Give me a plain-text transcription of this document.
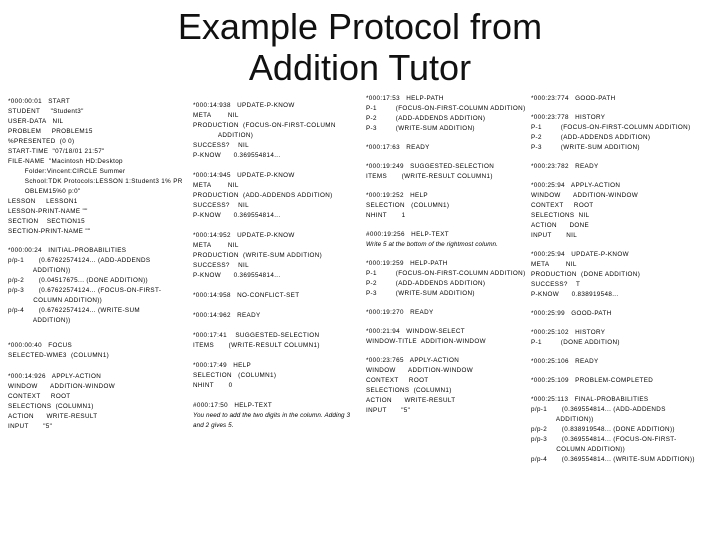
Example Protocol from
Addition Tutor
*000:00:01   START
STUDENT     "Student3"
USER-DATA   NIL
PROBLEM     PROBLEM15
%PRESENTED  (0 0)
START-TIME  "07/18/01 21:57"
FILE-NAME  "Macintosh HD:Desktop
Folder:Vincent:CIRCLE Summer
School:TDK Protocols:LESSON 1:Student3 1% PR
OBLEM15%0 p:0"
LESSON     LESSON1
LESSON-PRINT-NAME ""
SECTION    SECTION15
SECTION-PRINT-NAME ""
*000:00:24   INITIAL-PROBABILITIES
p/p-1       (0.67622574124... (ADD-ADDENDS
ADDITION))
p/p-2       (0.04517675... (DONE ADDITION))
p/p-3       (0.67622574124... (FOCUS-ON-FIRST-
COLUMN ADDITION))
p/p-4       (0.67622574124... (WRITE-SUM
ADDITION))
*000:00:40   FOCUS
SELECTED-WME3  (COLUMN1)
*000:14:926   APPLY-ACTION
WINDOW      ADDITION-WINDOW
CONTEXT     ROOT
SELECTIONS  (COLUMN1)
ACTION      WRITE-RESULT
INPUT       "5"
*000:14:938   UPDATE-P-KNOW
META        NIL
PRODUCTION  (FOCUS-ON-FIRST-COLUMN
ADDITION)
SUCCESS?    NIL
P-KNOW      0.369554814...
*000:14:945   UPDATE-P-KNOW
META        NIL
PRODUCTION  (ADD-ADDENDS ADDITION)
SUCCESS?    NIL
P-KNOW      0.369554814...
*000:14:952   UPDATE-P-KNOW
META        NIL
PRODUCTION  (WRITE-SUM ADDITION)
SUCCESS?    NIL
P-KNOW      0.369554814...
*000:14:958   NO-CONFLICT-SET
*000:14:962   READY
*000:17:41    SUGGESTED-SELECTION
ITEMS       (WRITE-RESULT COLUMN1)
*000:17:49   HELP
SELECTION   (COLUMN1)
NHINT       0
#000:17:50   HELP-TEXT
You need to add the two digits in the column. Adding 3
and 2 gives 5.
*000:17:53   HELP-PATH
P-1         (FOCUS-ON-FIRST-COLUMN ADDITION)
P-2         (ADD-ADDENDS ADDITION)
P-3         (WRITE-SUM ADDITION)
*000:17:63   READY
*000:19:249   SUGGESTED-SELECTION
ITEMS       (WRITE-RESULT COLUMN1)
*000:19:252   HELP
SELECTION   (COLUMN1)
NHINT       1
#000:19:256   HELP-TEXT
Write 5 at the bottom of the rightmost column.
*000:19:259   HELP-PATH
P-1         (FOCUS-ON-FIRST-COLUMN ADDITION)
P-2         (ADD-ADDENDS ADDITION)
P-3         (WRITE-SUM ADDITION)
*000:19:270   READY
*000:21:94   WINDOW-SELECT
WINDOW-TITLE  ADDITION-WINDOW
*000:23:765   APPLY-ACTION
WINDOW      ADDITION-WINDOW
CONTEXT     ROOT
SELECTIONS  (COLUMN1)
ACTION      WRITE-RESULT
INPUT       "5"
*000:23:774   GOOD-PATH
*000:23:778   HISTORY
P-1         (FOCUS-ON-FIRST-COLUMN ADDITION)
P-2         (ADD-ADDENDS ADDITION)
P-3         (WRITE-SUM ADDITION)
*000:23:782   READY
*000:25:94   APPLY-ACTION
WINDOW      ADDITION-WINDOW
CONTEXT     ROOT
SELECTIONS  NIL
ACTION      DONE
INPUT       NIL
*000:25:94   UPDATE-P-KNOW
META        NIL
PRODUCTION  (DONE ADDITION)
SUCCESS?    T
P-KNOW      0.838919548...
*000:25:99   GOOD-PATH
*000:25:102   HISTORY
P-1         (DONE ADDITION)
*000:25:106   READY
*000:25:109   PROBLEM-COMPLETED
*000:25:113   FINAL-PROBABILITIES
p/p-1       (0.369554814... (ADD-ADDENDS
ADDITION))
p/p-2       (0.838919548... (DONE ADDITION))
p/p-3       (0.369554814... (FOCUS-ON-FIRST-
COLUMN ADDITION))
p/p-4       (0.369554814... (WRITE-SUM ADDITION))
